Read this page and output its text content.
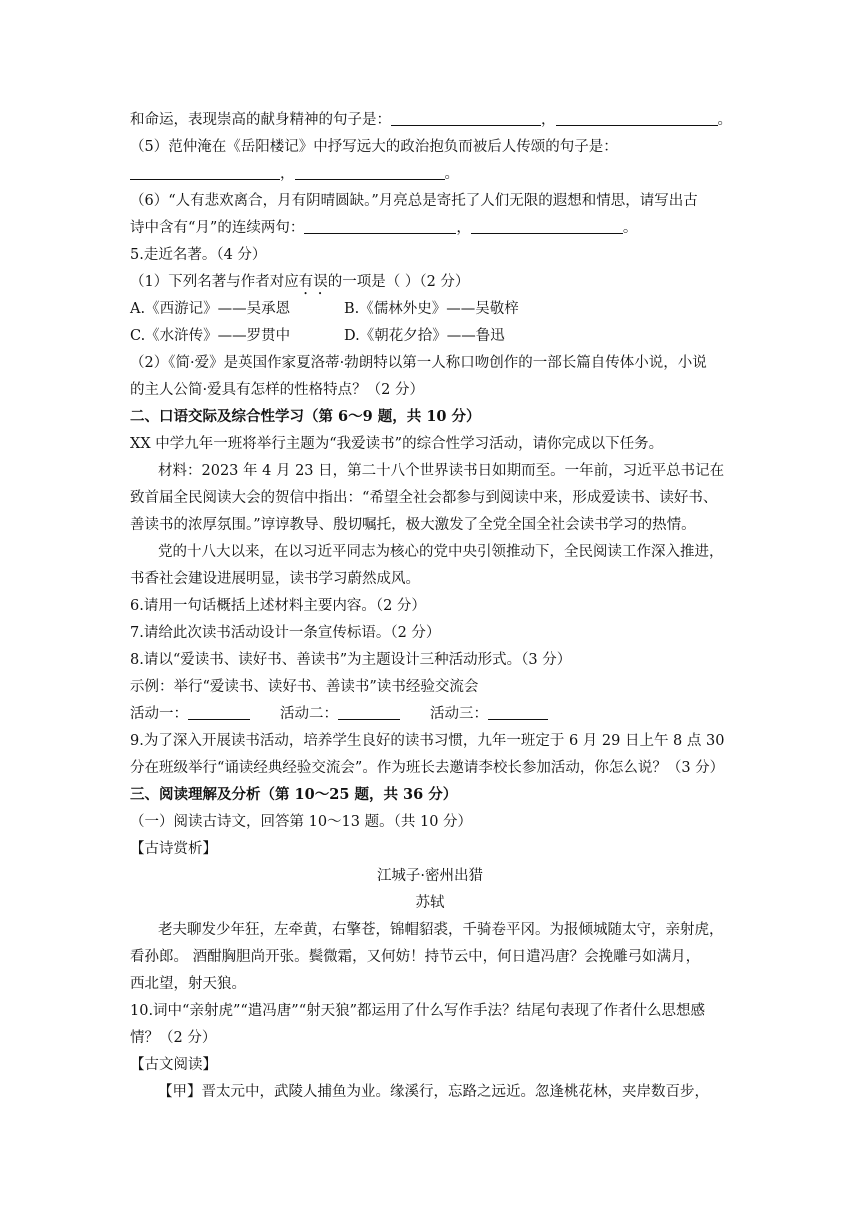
和命运，表现崇高的献身精神的句子是：	，	。
（5）范仲淹在《岳阳楼记》中抒写远大的政治抱负而被后人传颂的句子是：
，	。
（6）“人有悲欢离合，月有阴晴圆缺。”月亮总是寄托了人们无限的遐想和情思，请写出古
诗中含有“月”的连续两句：	，	。
5.走近名著。（4 分）
（1）下列名著与作者对应有误的一项是（ ）（2 分）
A.《西游记》——吴承恩	B.《儒林外史》——吴敬梓
C.《水浒传》——罗贯中	D.《朝花夕拾》——鲁迅
（2）《简·爱》是英国作家夏洛蒂·勃朗特以第一人称口吻创作的一部长篇自传体小说，小说
的主人公简·爱具有怎样的性格特点？（2 分）
二、口语交际及综合性学习（第 6～9 题，共 10 分）
XX 中学九年一班将举行主题为“我爱读书”的综合性学习活动，请你完成以下任务。
材料：2023 年 4 月 23 日，第二十八个世界读书日如期而至。一年前，习近平总书记在
致首届全民阅读大会的贺信中指出：“希望全社会都参与到阅读中来，形成爱读书、读好书、
善读书的浓厚氛围。”谆谆教导、殷切嘱托，极大激发了全党全国全社会读书学习的热情。
党的十八大以来，在以习近平同志为核心的党中央引领推动下，全民阅读工作深入推进，
书香社会建设进展明显，读书学习蔚然成风。
6.请用一句话概括上述材料主要内容。（2 分）
7.请给此次读书活动设计一条宣传标语。（2 分）
8.请以“爱读书、读好书、善读书”为主题设计三种活动形式。（3 分）
示例：举行“爱读书、读好书、善读书”读书经验交流会
活动一：	活动二：	活动三：
9.为了深入开展读书活动，培养学生良好的读书习惯，九年一班定于 6 月 29 日上午 8 点 30
分在班级举行“诵读经典经验交流会”。作为班长去邀请李校长参加活动，你怎么说？（3 分）
三、阅读理解及分析（第 10～25 题，共 36 分）
（一）阅读古诗文，回答第 10～13 题。（共 10 分）
【古诗赏析】
江城子·密州出猎
苏轼
老夫聊发少年狂，左牵黄，右擎苍，锦帽貂裘，千骑卷平冈。为报倾城随太守，亲射虎，
看孙郎。 酒酣胸胆尚开张。鬓微霜，又何妨！持节云中，何日遣冯唐？会挽雕弓如满月，
西北望，射天狼。
10.词中“亲射虎”“遣冯唐”“射天狼”都运用了什么写作手法？结尾句表现了作者什么思想感
情？（2 分）
【古文阅读】
【甲】晋太元中，武陵人捕鱼为业。缘溪行，忘路之远近。忽逢桃花林，夹岸数百步，
